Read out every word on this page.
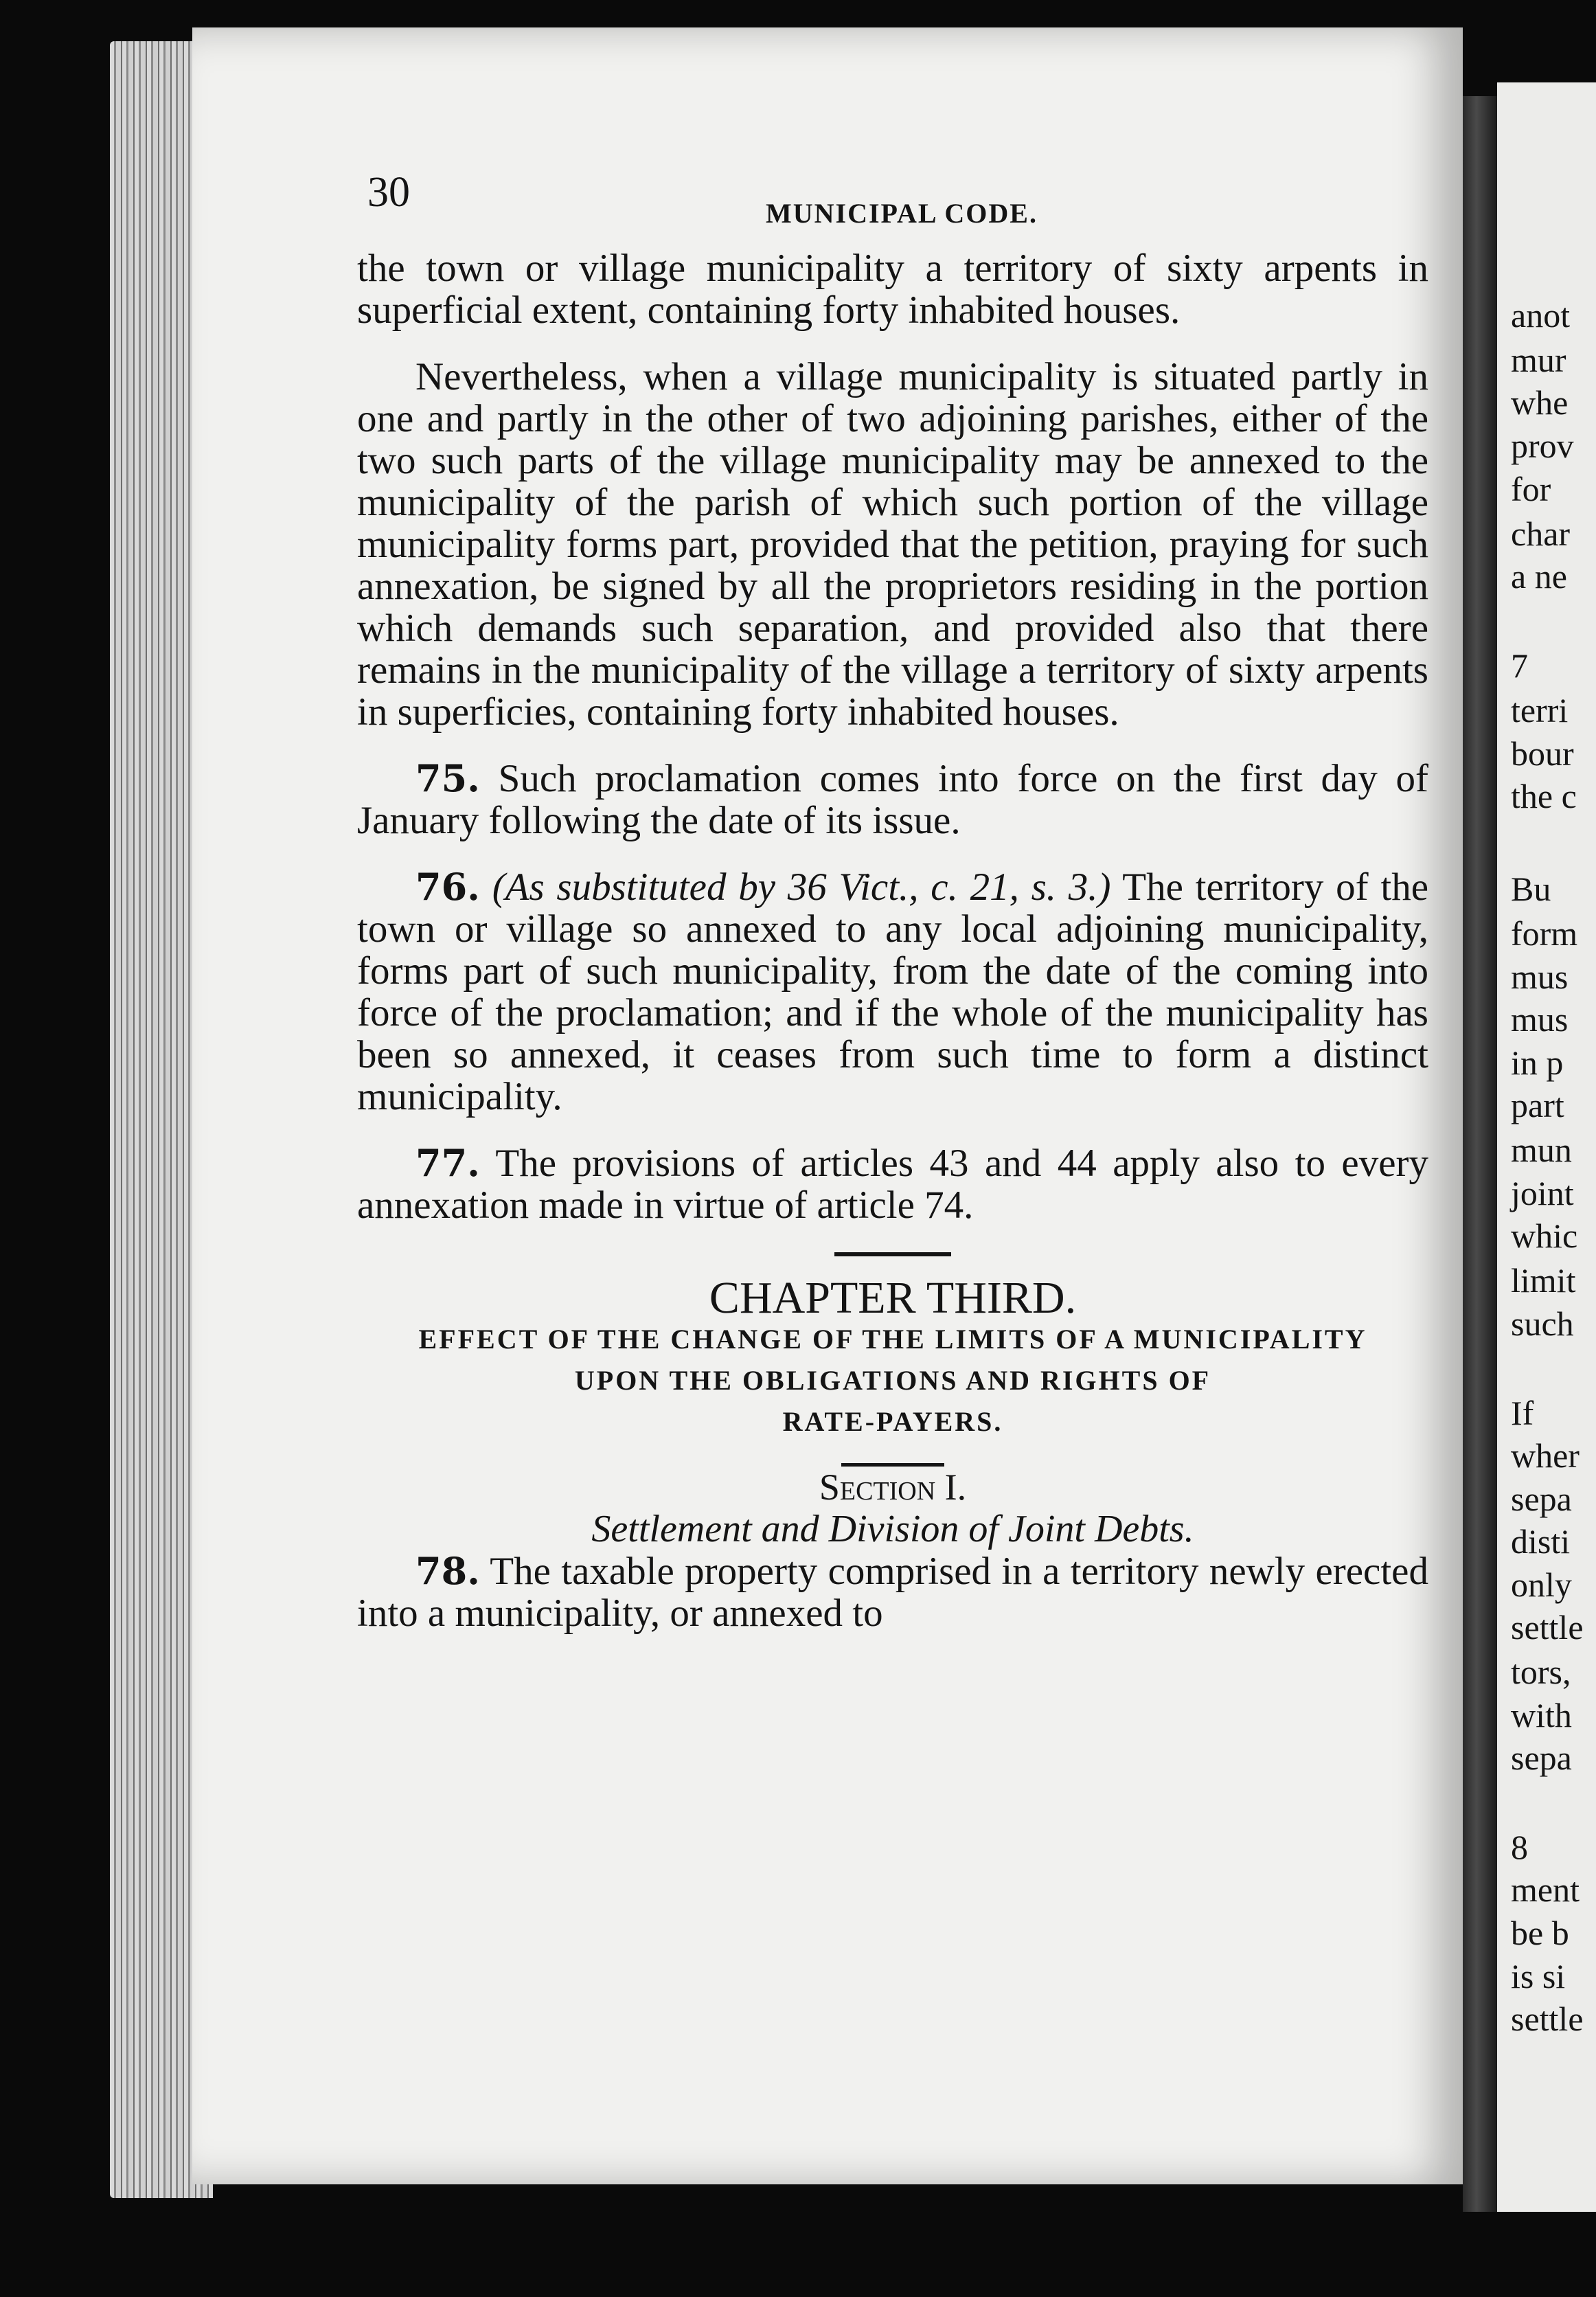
30	MUNICIPAL CODE.

the town or village municipality a territory of sixty arpents in superficial extent, containing forty inhabited houses.

Nevertheless, when a village municipality is situated partly in one and partly in the other of two adjoining parishes, either of the two such parts of the village municipality may be annexed to the municipality of the parish of which such portion of the village municipality forms part, provided that the petition, praying for such annexation, be signed by all the proprietors residing in the portion which demands such separation, and provided also that there remains in the municipality of the village a territory of sixty arpents in superficies, containing forty inhabited houses.

75. Such proclamation comes into force on the first day of January following the date of its issue.

76. (As substituted by 36 Vict., c. 21, s. 3.) The territory of the town or village so annexed to any local adjoining municipality, forms part of such municipality, from the date of the coming into force of the proclamation; and if the whole of the municipality has been so annexed, it ceases from such time to form a distinct municipality.

77. The provisions of articles 43 and 44 apply also to every annexation made in virtue of article 74.

CHAPTER THIRD.

EFFECT OF THE CHANGE OF THE LIMITS OF A MUNICIPALITY

UPON THE OBLIGATIONS AND RIGHTS OF

RATE-PAYERS.

Section I.

Settlement and Division of Joint Debts.

78. The taxable property comprised in a territory newly erected into a municipality, or annexed to

anot
mur
whe
prov
for
char
a ne
7
terri
bour
the c
Bu
form
mus
mus
in p
part
mun
joint
whic
limit
such
If
wher
sepa
disti
only
settle
tors,
with
sepa
8
ment
be b
is si
settle
